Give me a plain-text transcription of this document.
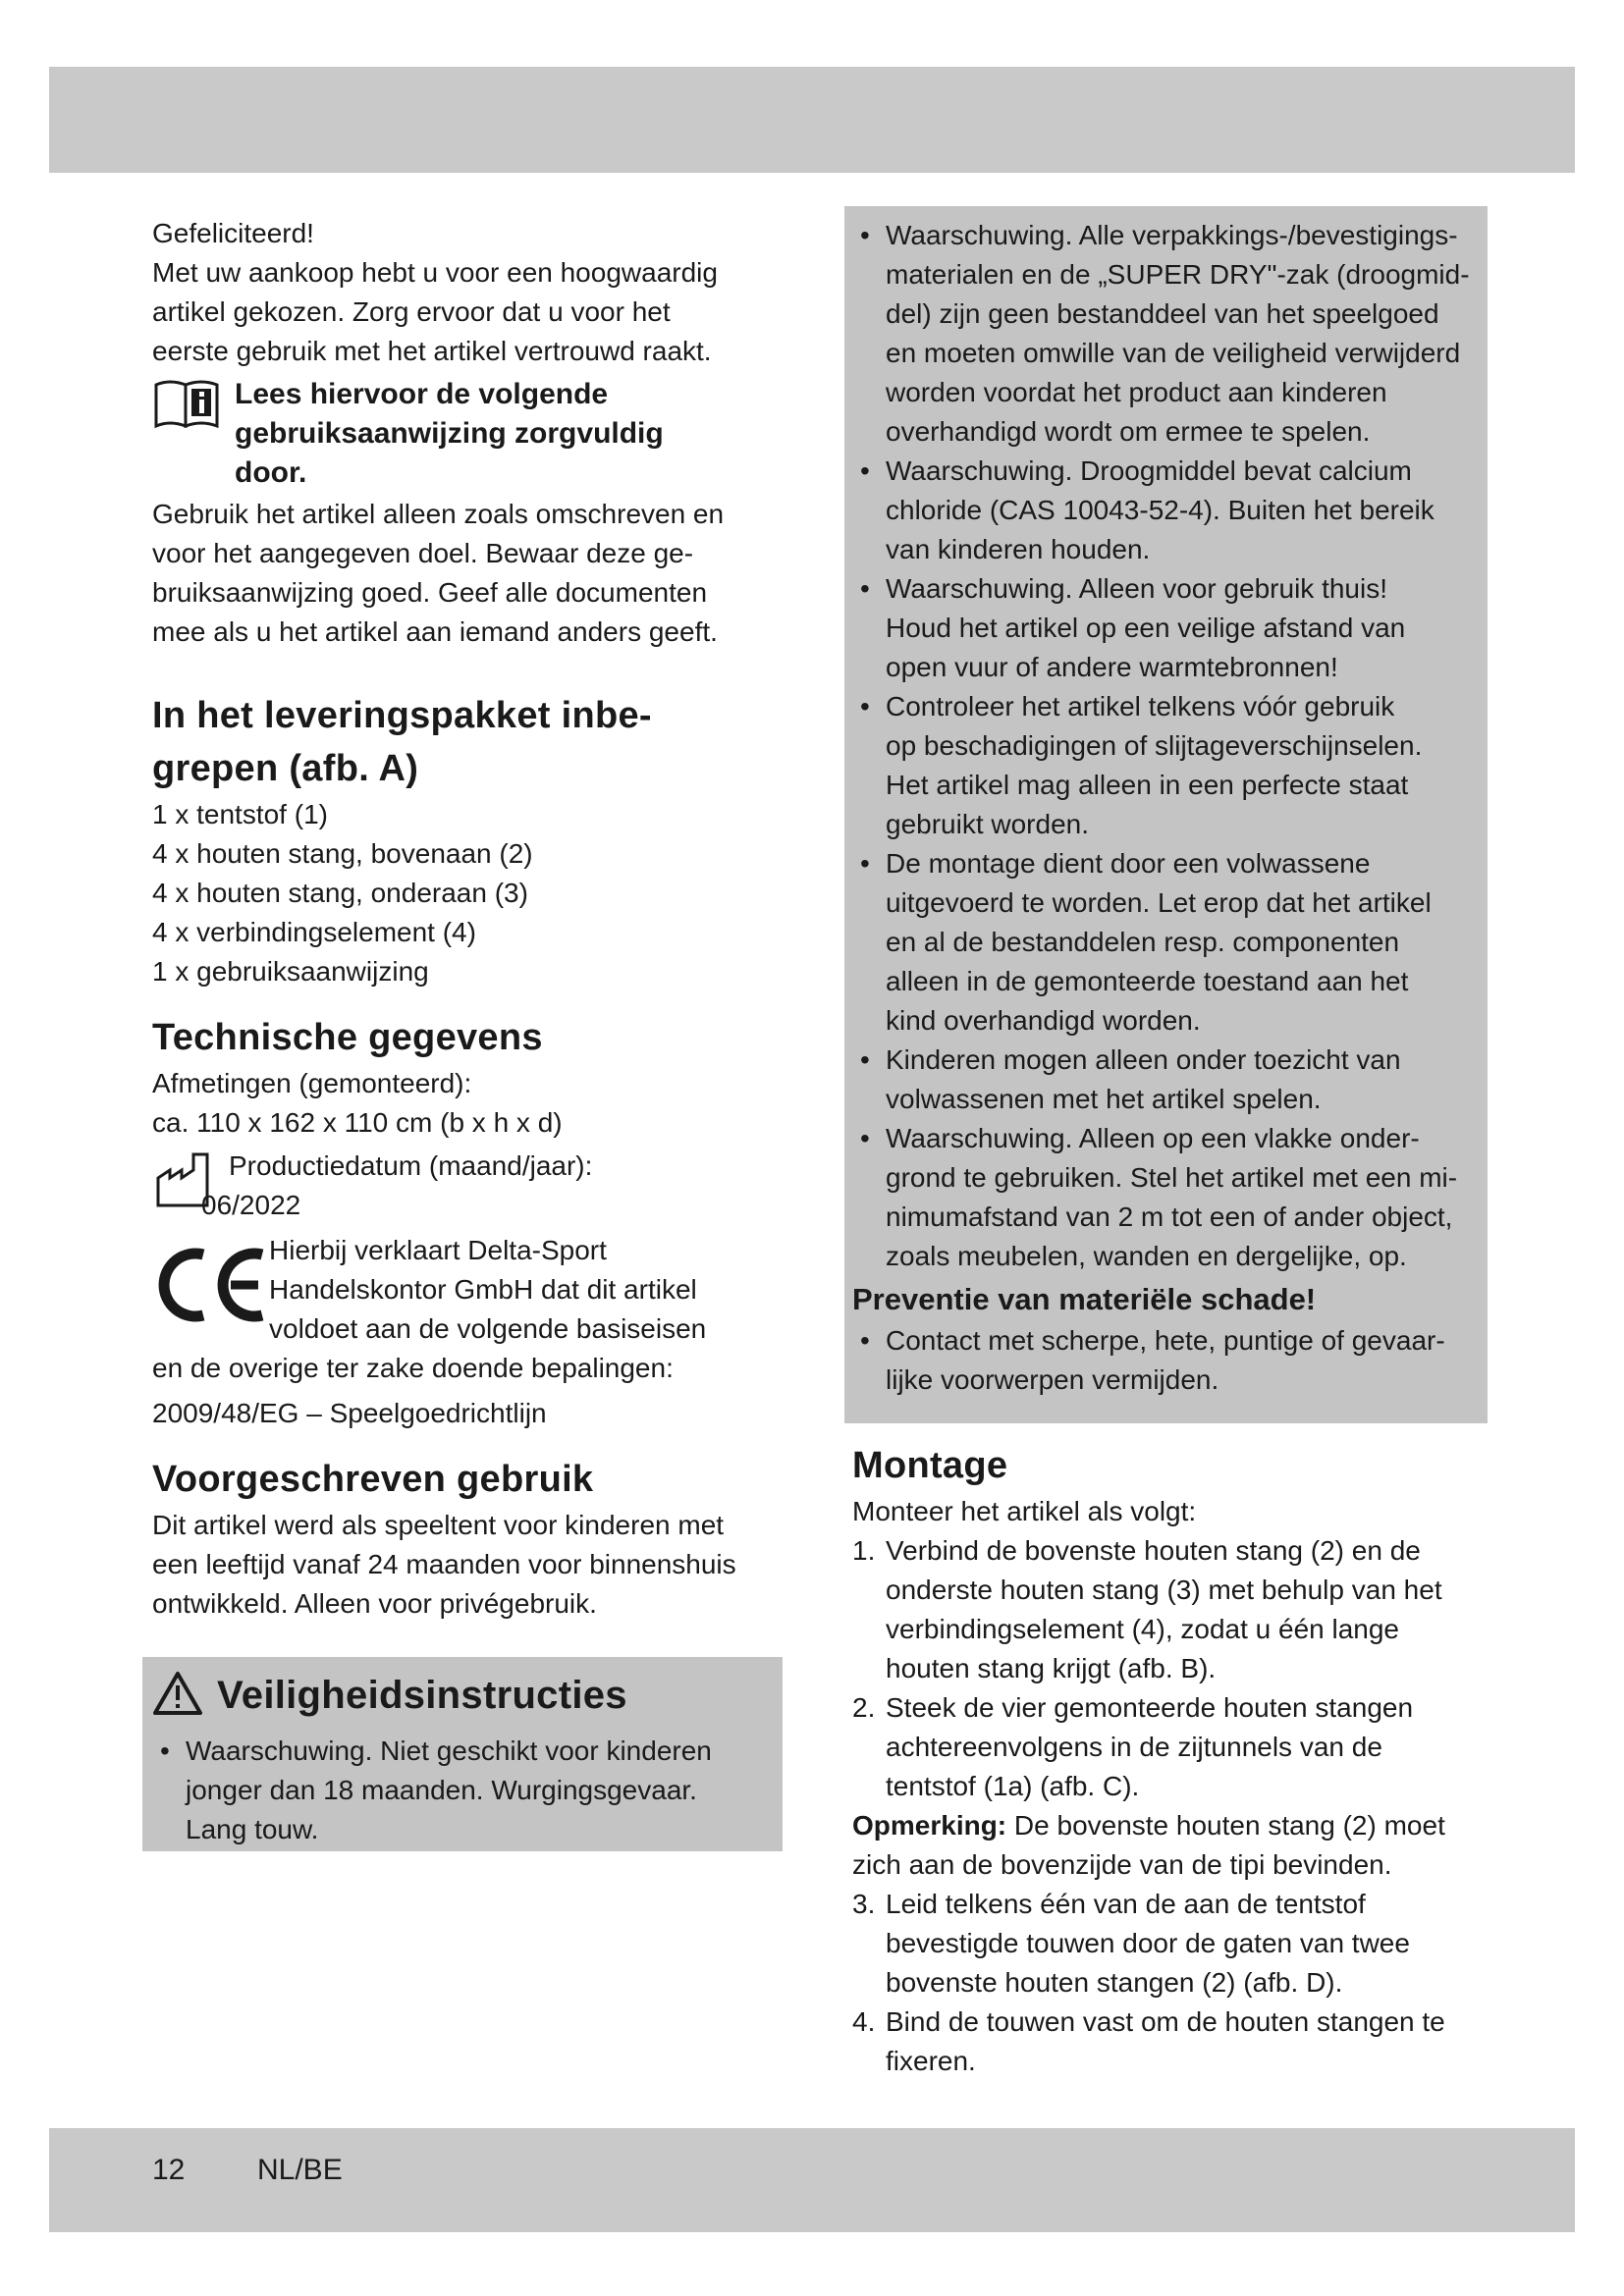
Gefeliciteerd!

Met uw aankoop hebt u voor een hoogwaardig

artikel gekozen. Zorg ervoor dat u voor het

eerste gebruik met het artikel vertrouwd raakt.

Lees hiervoor de volgende
gebruiksaanwijzing zorgvuldig
door.

Gebruik het artikel alleen zoals omschreven en

voor het aangegeven doel. Bewaar deze ge-

bruiksaanwijzing goed. Geef alle documenten

mee als u het artikel aan iemand anders geeft.

In het leveringspakket inbe-
grepen (afb. A)

1 x tentstof (1)

4 x houten stang, bovenaan (2)

4 x houten stang, onderaan (3)

4 x verbindingselement (4)

1 x gebruiksaanwijzing

Technische gegevens

Afmetingen (gemonteerd):

ca. 110 x 162 x 110 cm (b x h x d)

Productiedatum (maand/jaar):

06/2022

Hierbij verklaart Delta-Sport

Handelskontor GmbH dat dit artikel

voldoet aan de volgende basiseisen

en de overige ter zake doende bepalingen:

2009/48/EG – Speelgoedrichtlijn

Voorgeschreven gebruik

Dit artikel werd als speeltent voor kinderen met

een leeftijd vanaf 24 maanden voor binnenshuis

ontwikkeld. Alleen voor privégebruik.

Veiligheidsinstructies
• Waarschuwing. Niet geschikt voor kinderen
jonger dan 18 maanden. Wurgingsgevaar.
Lang touw.
• Waarschuwing. Alle verpakkings-/bevestigings-
materialen en de „SUPER DRY"-zak (droogmid-
del) zijn geen bestanddeel van het speelgoed
en moeten omwille van de veiligheid verwijderd
worden voordat het product aan kinderen
overhandigd wordt om ermee te spelen.
• Waarschuwing. Droogmiddel bevat calcium
chloride (CAS 10043-52-4). Buiten het bereik
van kinderen houden.
• Waarschuwing. Alleen voor gebruik thuis!
Houd het artikel op een veilige afstand van
open vuur of andere warmtebronnen!
• Controleer het artikel telkens vóór gebruik
op beschadigingen of slijtageverschijnselen.
Het artikel mag alleen in een perfecte staat
gebruikt worden.
• De montage dient door een volwassene
uitgevoerd te worden. Let erop dat het artikel
en al de bestanddelen resp. componenten
alleen in de gemonteerde toestand aan het
kind overhandigd worden.
• Kinderen mogen alleen onder toezicht van
volwassenen met het artikel spelen.
• Waarschuwing. Alleen op een vlakke onder-
grond te gebruiken. Stel het artikel met een mi-
nimumafstand van 2 m tot een of ander object,
zoals meubelen, wanden en dergelijke, op.
Preventie van materiële schade!
• Contact met scherpe, hete, puntige of gevaar-
lijke voorwerpen vermijden.
Montage

Monteer het artikel als volgt:

1. Verbind de bovenste houten stang (2) en de
onderste houten stang (3) met behulp van het
verbindingselement (4), zodat u één lange
houten stang krijgt (afb. B).
2. Steek de vier gemonteerde houten stangen
achtereenvolgens in de zijtunnels van de
tentstof (1a) (afb. C).

Opmerking: De bovenste houten stang (2) moet
zich aan de bovenzijde van de tipi bevinden.

3. Leid telkens één van de aan de tentstof
bevestigde touwen door de gaten van twee
bovenste houten stangen (2) (afb. D).
4. Bind de touwen vast om de houten stangen te
fixeren.
12 NL/BE
